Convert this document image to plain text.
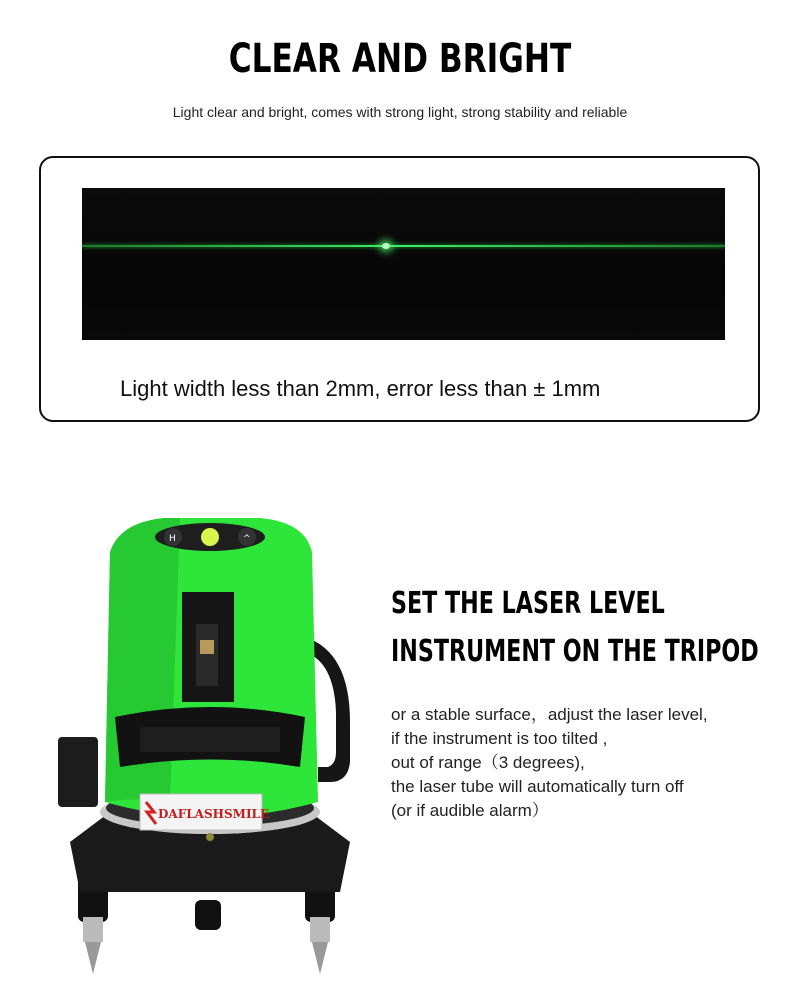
CLEAR AND BRIGHT
Light clear and bright, comes with strong light, strong stability and reliable
Light width less than 2mm, error less than ± 1mm
H	^
DAFLASHSMILE
SET THE LASER LEVEL
INSTRUMENT ON THE TRIPOD
or a stable surface，adjust the laser level,
if the instrument is too tilted ,
out of range（3 degrees),
the laser tube will automatically turn off
(or if audible alarm）
